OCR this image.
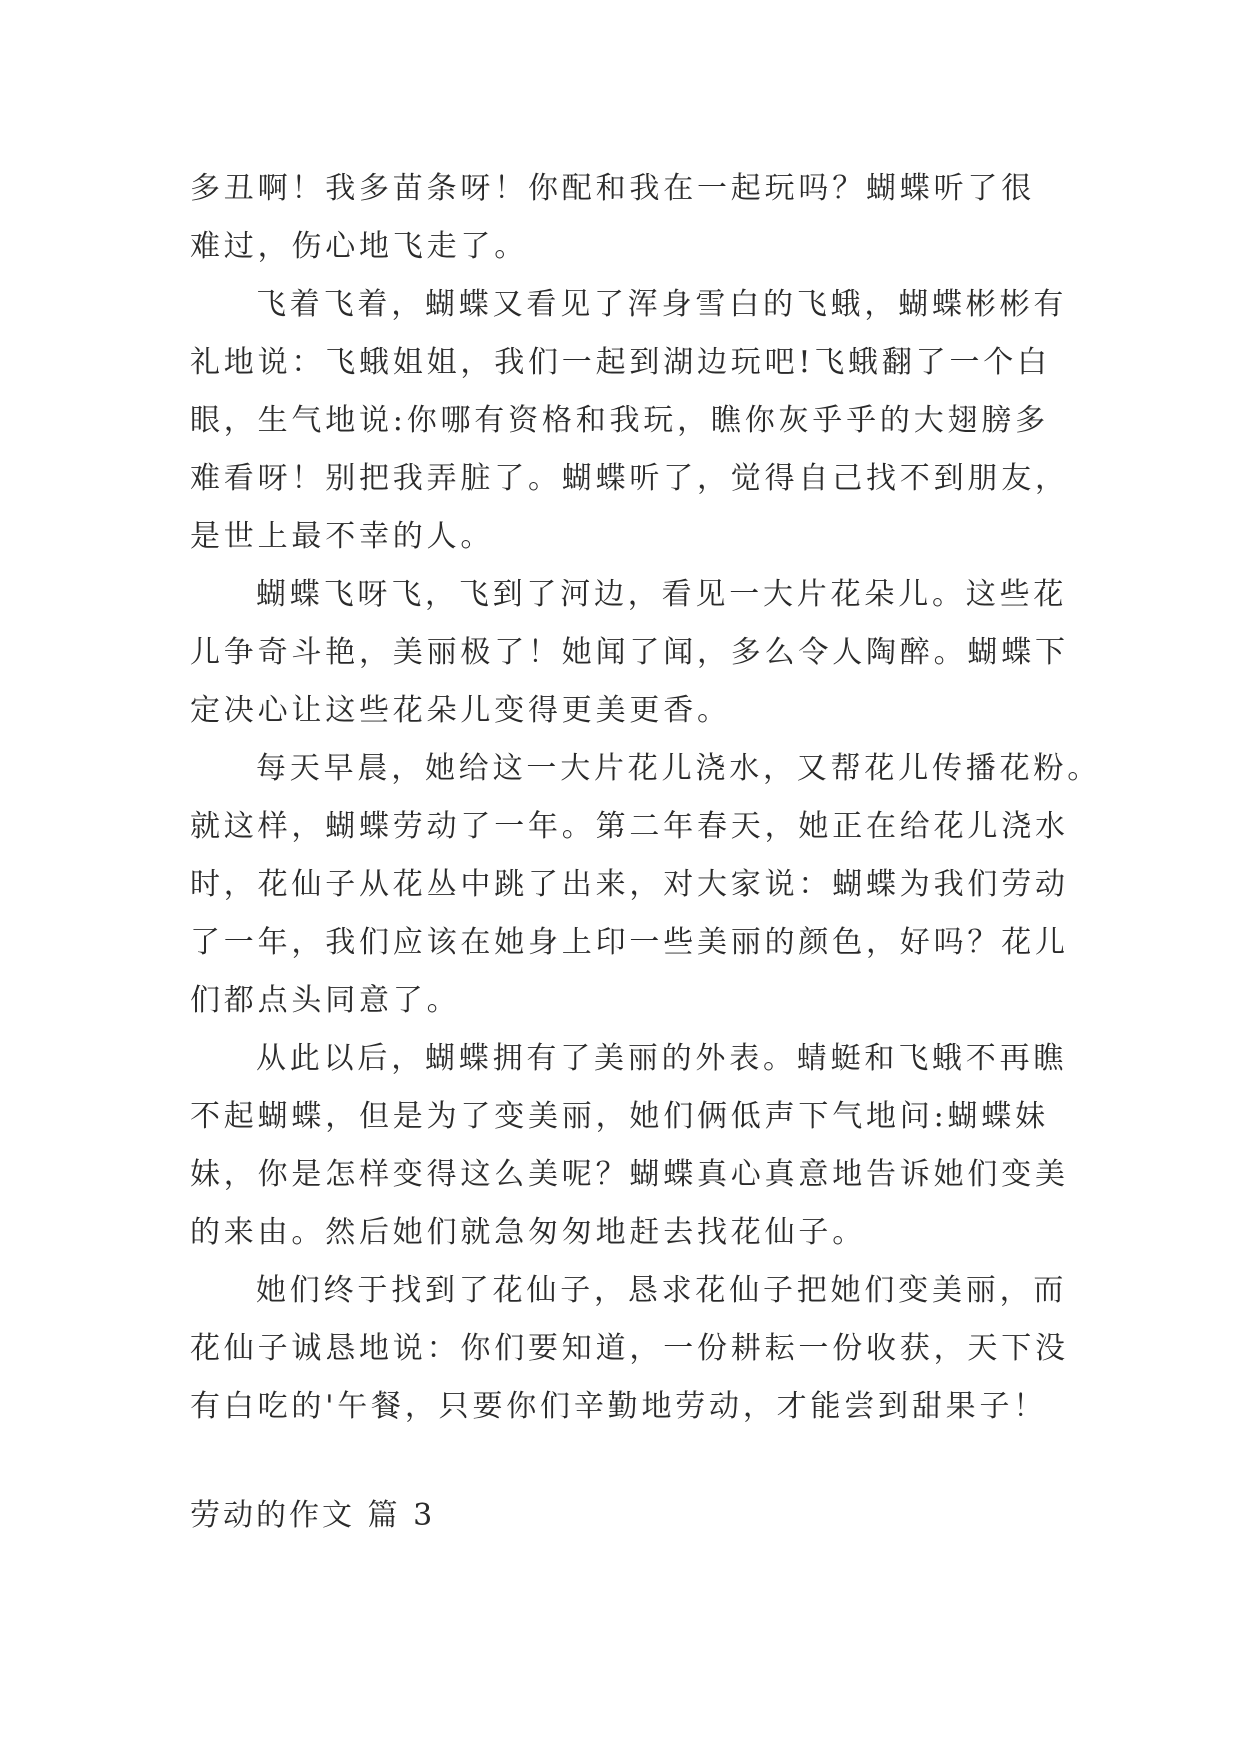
多丑啊！我多苗条呀！你配和我在一起玩吗？蝴蝶听了很
难过，伤心地飞走了。
飞着飞着，蝴蝶又看见了浑身雪白的飞蛾，蝴蝶彬彬有
礼地说：飞蛾姐姐，我们一起到湖边玩吧!飞蛾翻了一个白
眼，生气地说:你哪有资格和我玩，瞧你灰乎乎的大翅膀多
难看呀！别把我弄脏了。蝴蝶听了，觉得自己找不到朋友，
是世上最不幸的人。
蝴蝶飞呀飞，飞到了河边，看见一大片花朵儿。这些花
儿争奇斗艳，美丽极了！她闻了闻，多么令人陶醉。蝴蝶下
定决心让这些花朵儿变得更美更香。
每天早晨，她给这一大片花儿浇水，又帮花儿传播花粉。
就这样，蝴蝶劳动了一年。第二年春天，她正在给花儿浇水
时，花仙子从花丛中跳了出来，对大家说：蝴蝶为我们劳动
了一年，我们应该在她身上印一些美丽的颜色，好吗？花儿
们都点头同意了。
从此以后，蝴蝶拥有了美丽的外表。蜻蜓和飞蛾不再瞧
不起蝴蝶，但是为了变美丽，她们俩低声下气地问:蝴蝶妹
妹，你是怎样变得这么美呢？蝴蝶真心真意地告诉她们变美
的来由。然后她们就急匆匆地赶去找花仙子。
她们终于找到了花仙子，恳求花仙子把她们变美丽，而
花仙子诚恳地说：你们要知道，一份耕耘一份收获，天下没
有白吃的'午餐，只要你们辛勤地劳动，才能尝到甜果子！
劳动的作文 篇 3
